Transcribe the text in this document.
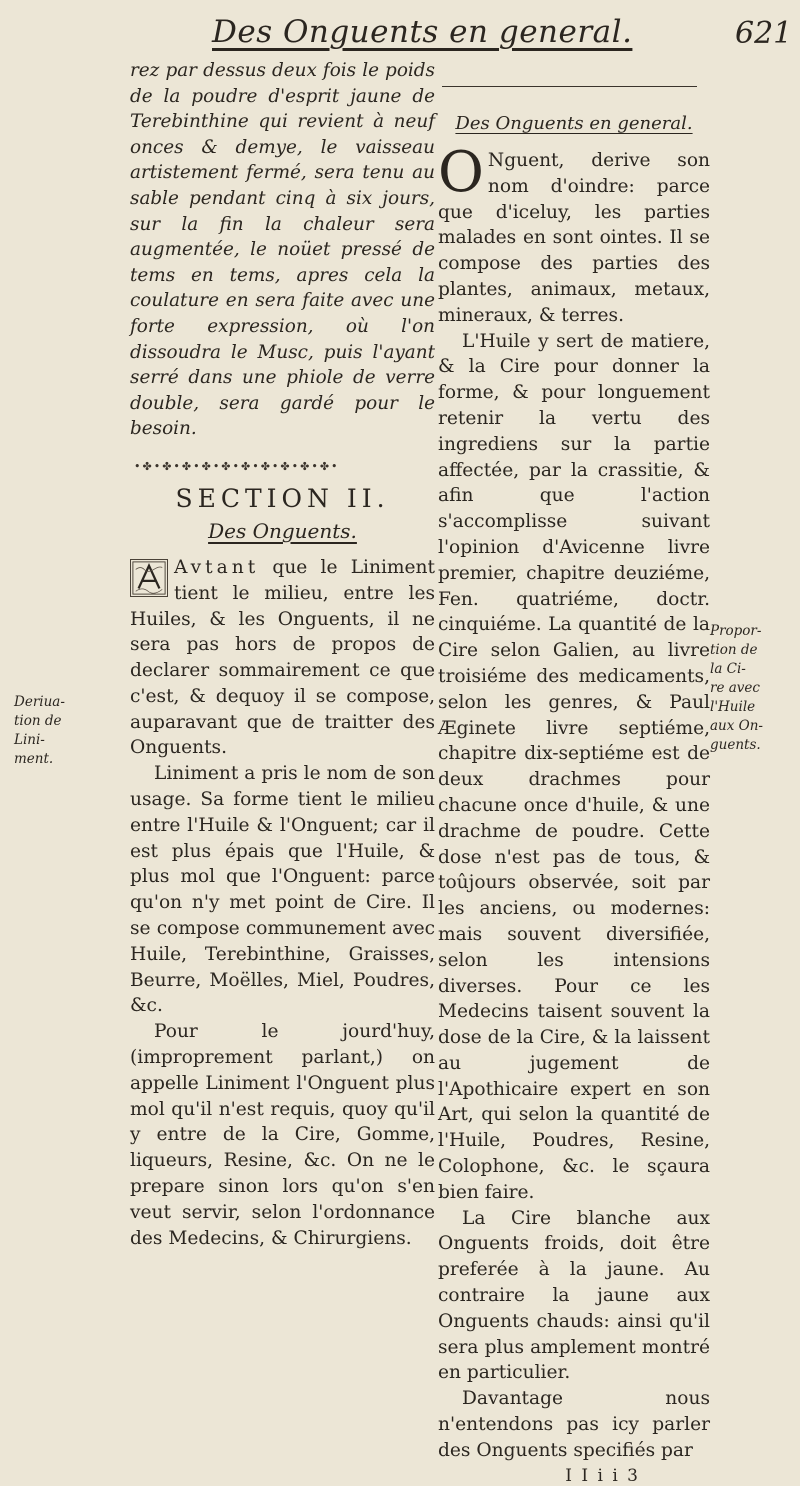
Des Onguents en general.	621

rez par dessus deux fois le poids de la poudre d'esprit jaune de Terebinthine qui revient à neuf onces & demye, le vaisseau artistement fermé, sera tenu au sable pendant cinq à six jours, sur la fin la chaleur sera augmentée, le noüet pressé de tems en tems, apres cela la coulature en sera faite avec une forte expression, où l'on dissoudra le Musc, puis l'ayant serré dans une phiole de verre double, sera gardé pour le besoin.

•✤•✤•✤•✤•✤•✤•✤•✤•✤•✤•
SECTION II.
Des Onguents.

Avtant que le Liniment tient le milieu, entre les Huiles, & les Onguents, il ne sera pas hors de propos de declarer sommairement ce que c'est, & dequoy il se compose, auparavant que de traitter des Onguents.

Liniment a pris le nom de son usage. Sa forme tient le milieu entre l'Huile & l'Onguent; car il est plus épais que l'Huile, & plus mol que l'Onguent: parce qu'on n'y met point de Cire. Il se compose communement avec Huile, Terebinthine, Graisses, Beurre, Moëlles, Miel, Poudres, &c.

Pour le jourd'huy, (improprement parlant,) on appelle Liniment l'Onguent plus mol qu'il n'est requis, quoy qu'il y entre de la Cire, Gomme, liqueurs, Resine, &c. On ne le prepare sinon lors qu'on s'en veut servir, selon l'ordonnance des Medecins, & Chirurgiens.

Des Onguents en general.

O Nguent, derive son nom d'oindre: parce que d'iceluy, les parties malades en sont ointes. Il se compose des parties des plantes, animaux, metaux, mineraux, & terres.

L'Huile y sert de matiere, & la Cire pour donner la forme, & pour longuement retenir la vertu des ingrediens sur la partie affectée, par la crassitie, & afin que l'action s'accomplisse suivant l'opinion d'Avicenne livre premier, chapitre deuziéme, Fen. quatriéme, doctr. cinquiéme. La quantité de la Cire selon Galien, au livre troisiéme des medicaments, selon les genres, & Paul Æginete livre septiéme, chapitre dix-septiéme est de deux drachmes pour chacune once d'huile, & une drachme de poudre. Cette dose n'est pas de tous, & toûjours observée, soit par les anciens, ou modernes: mais souvent diversifiée, selon les intensions diverses. Pour ce les Medecins taisent souvent la dose de la Cire, & la laissent au jugement de l'Apothicaire expert en son Art, qui selon la quantité de l'Huile, Poudres, Resine, Colophone, &c. le sçaura bien faire.

La Cire blanche aux Onguents froids, doit être preferée à la jaune. Au contraire la jaune aux Onguents chauds: ainsi qu'il sera plus amplement montré en particulier.

Davantage nous n'entendons pas icy parler des Onguents specifiés par

I I i i 3
Deriua-
tion de
Lini-
ment.
Propor-
tion de
la Ci-
re avec
l'Huile
aux On-
guents.
